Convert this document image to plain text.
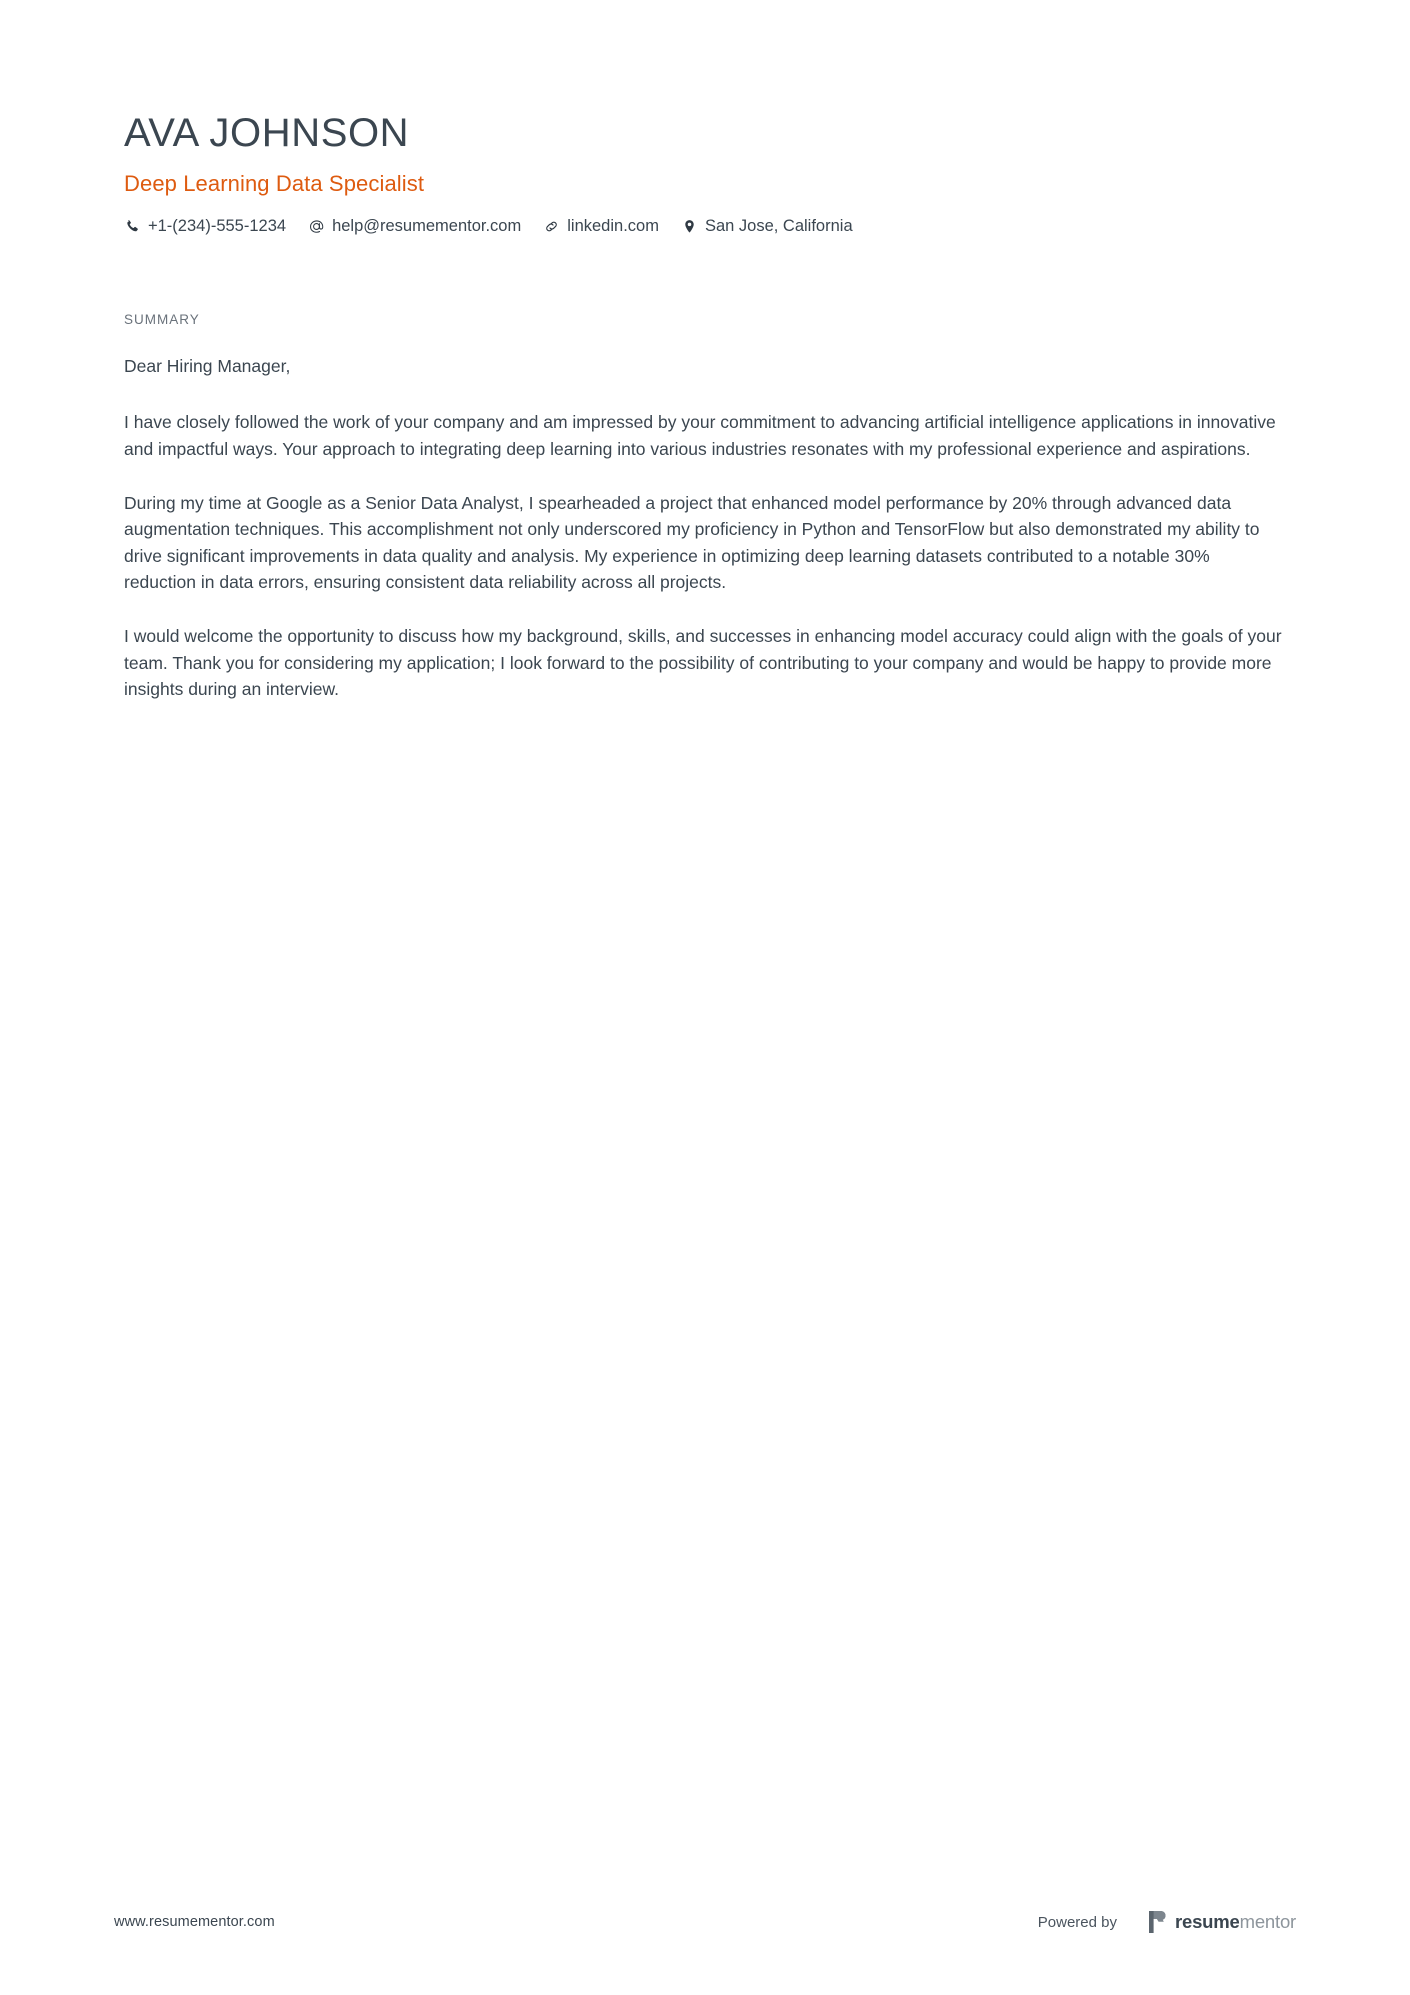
AVA JOHNSON
Deep Learning Data Specialist
+1-(234)-555-1234	help@resumementor.com	linkedin.com	San Jose, California
SUMMARY

Dear Hiring Manager,

I have closely followed the work of your company and am impressed by your commitment to advancing artificial intelligence applications in innovative and impactful ways. Your approach to integrating deep learning into various industries resonates with my professional experience and aspirations.

During my time at Google as a Senior Data Analyst, I spearheaded a project that enhanced model performance by 20% through advanced data augmentation techniques. This accomplishment not only underscored my proficiency in Python and TensorFlow but also demonstrated my ability to drive significant improvements in data quality and analysis. My experience in optimizing deep learning datasets contributed to a notable 30% reduction in data errors, ensuring consistent data reliability across all projects.

I would welcome the opportunity to discuss how my background, skills, and successes in enhancing model accuracy could align with the goals of your team. Thank you for considering my application; I look forward to the possibility of contributing to your company and would be happy to provide more insights during an interview.

www.resumementor.com	Powered by	resumementor
